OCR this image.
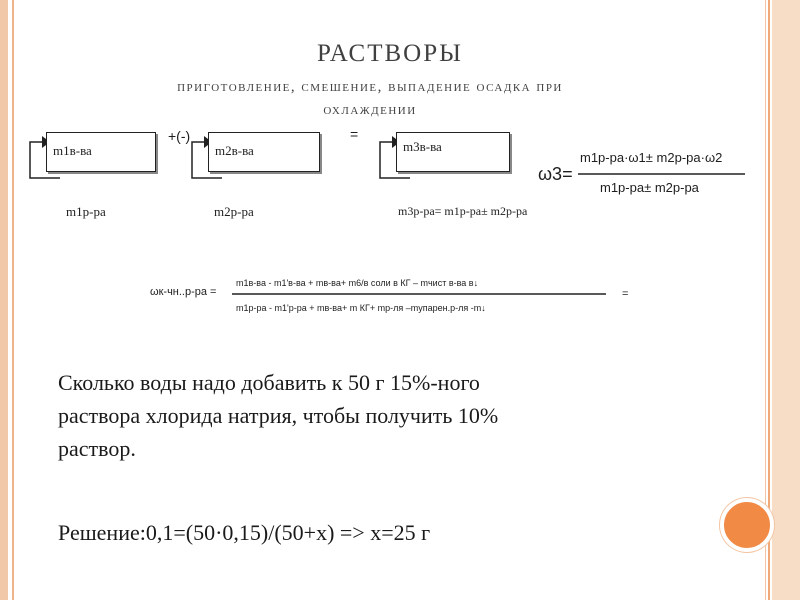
РАСТВОРЫ
приготовление, смешение, выпадение осадка при
охлаждении
m1в-ва	m2в-ва	m3в-ва
+(-)	=
m1р-ра	m2р-ра	m3р-ра= m1р-ра± m2р-ра
ω3=
m1р-ра·ω1± m2р-ра·ω2
m1р-ра± m2р-ра
ωк-чн..р-ра =
m1в-ва - m1'в-ва + mв-ва+ m6/в соли в КГ – mчист в-ва в↓
m1р-ра - m1'р-ра + mв-ва+ m КГ+ mр-ля –mупарен.р-ля -m↓
=
Сколько воды надо добавить к 50 г 15%-ного
раствора хлорида натрия, чтобы получить 10%
раствор.
Решение:0,1=(50·0,15)/(50+х) => х=25 г
